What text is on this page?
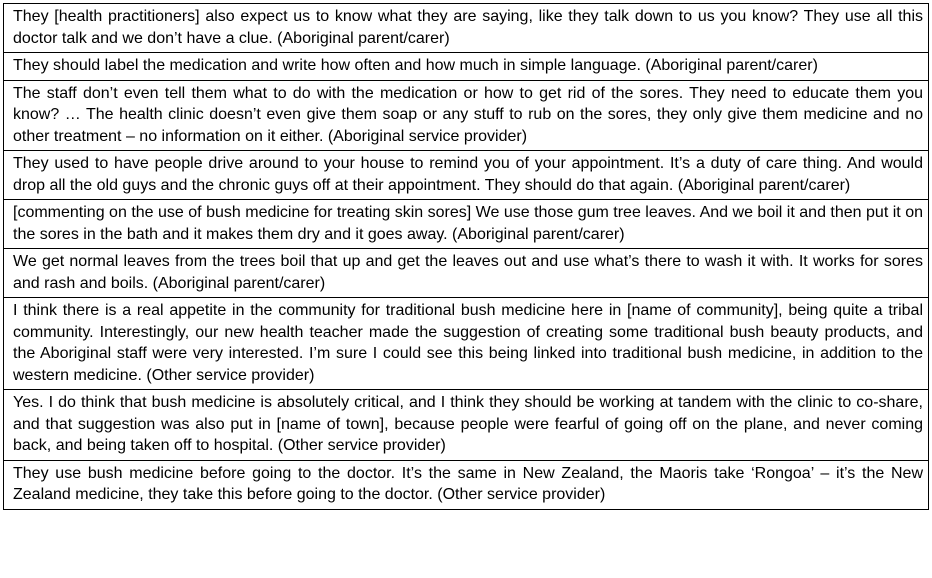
They [health practitioners] also expect us to know what they are saying, like they talk down to us you know? They use all this doctor talk and we don’t have a clue. (Aboriginal parent/carer)
They should label the medication and write how often and how much in simple language. (Aboriginal parent/carer)
The staff don’t even tell them what to do with the medication or how to get rid of the sores. They need to educate them you know? … The health clinic doesn’t even give them soap or any stuff to rub on the sores, they only give them medicine and no other treatment – no information on it either. (Aboriginal service provider)
They used to have people drive around to your house to remind you of your appointment. It’s a duty of care thing. And would drop all the old guys and the chronic guys off at their appointment. They should do that again. (Aboriginal parent/carer)
[commenting on the use of bush medicine for treating skin sores] We use those gum tree leaves. And we boil it and then put it on the sores in the bath and it makes them dry and it goes away. (Aboriginal parent/carer)
We get normal leaves from the trees boil that up and get the leaves out and use what’s there to wash it with. It works for sores and rash and boils. (Aboriginal parent/carer)
I think there is a real appetite in the community for traditional bush medicine here in [name of community], being quite a tribal community. Interestingly, our new health teacher made the suggestion of creating some traditional bush beauty products, and the Aboriginal staff were very interested. I’m sure I could see this being linked into traditional bush medicine, in addition to the western medicine. (Other service provider)
Yes. I do think that bush medicine is absolutely critical, and I think they should be working at tandem with the clinic to co-share, and that suggestion was also put in [name of town], because people were fearful of going off on the plane, and never coming back, and being taken off to hospital. (Other service provider)
They use bush medicine before going to the doctor. It’s the same in New Zealand, the Maoris take ‘Rongoa’ – it’s the New Zealand medicine, they take this before going to the doctor. (Other service provider)
